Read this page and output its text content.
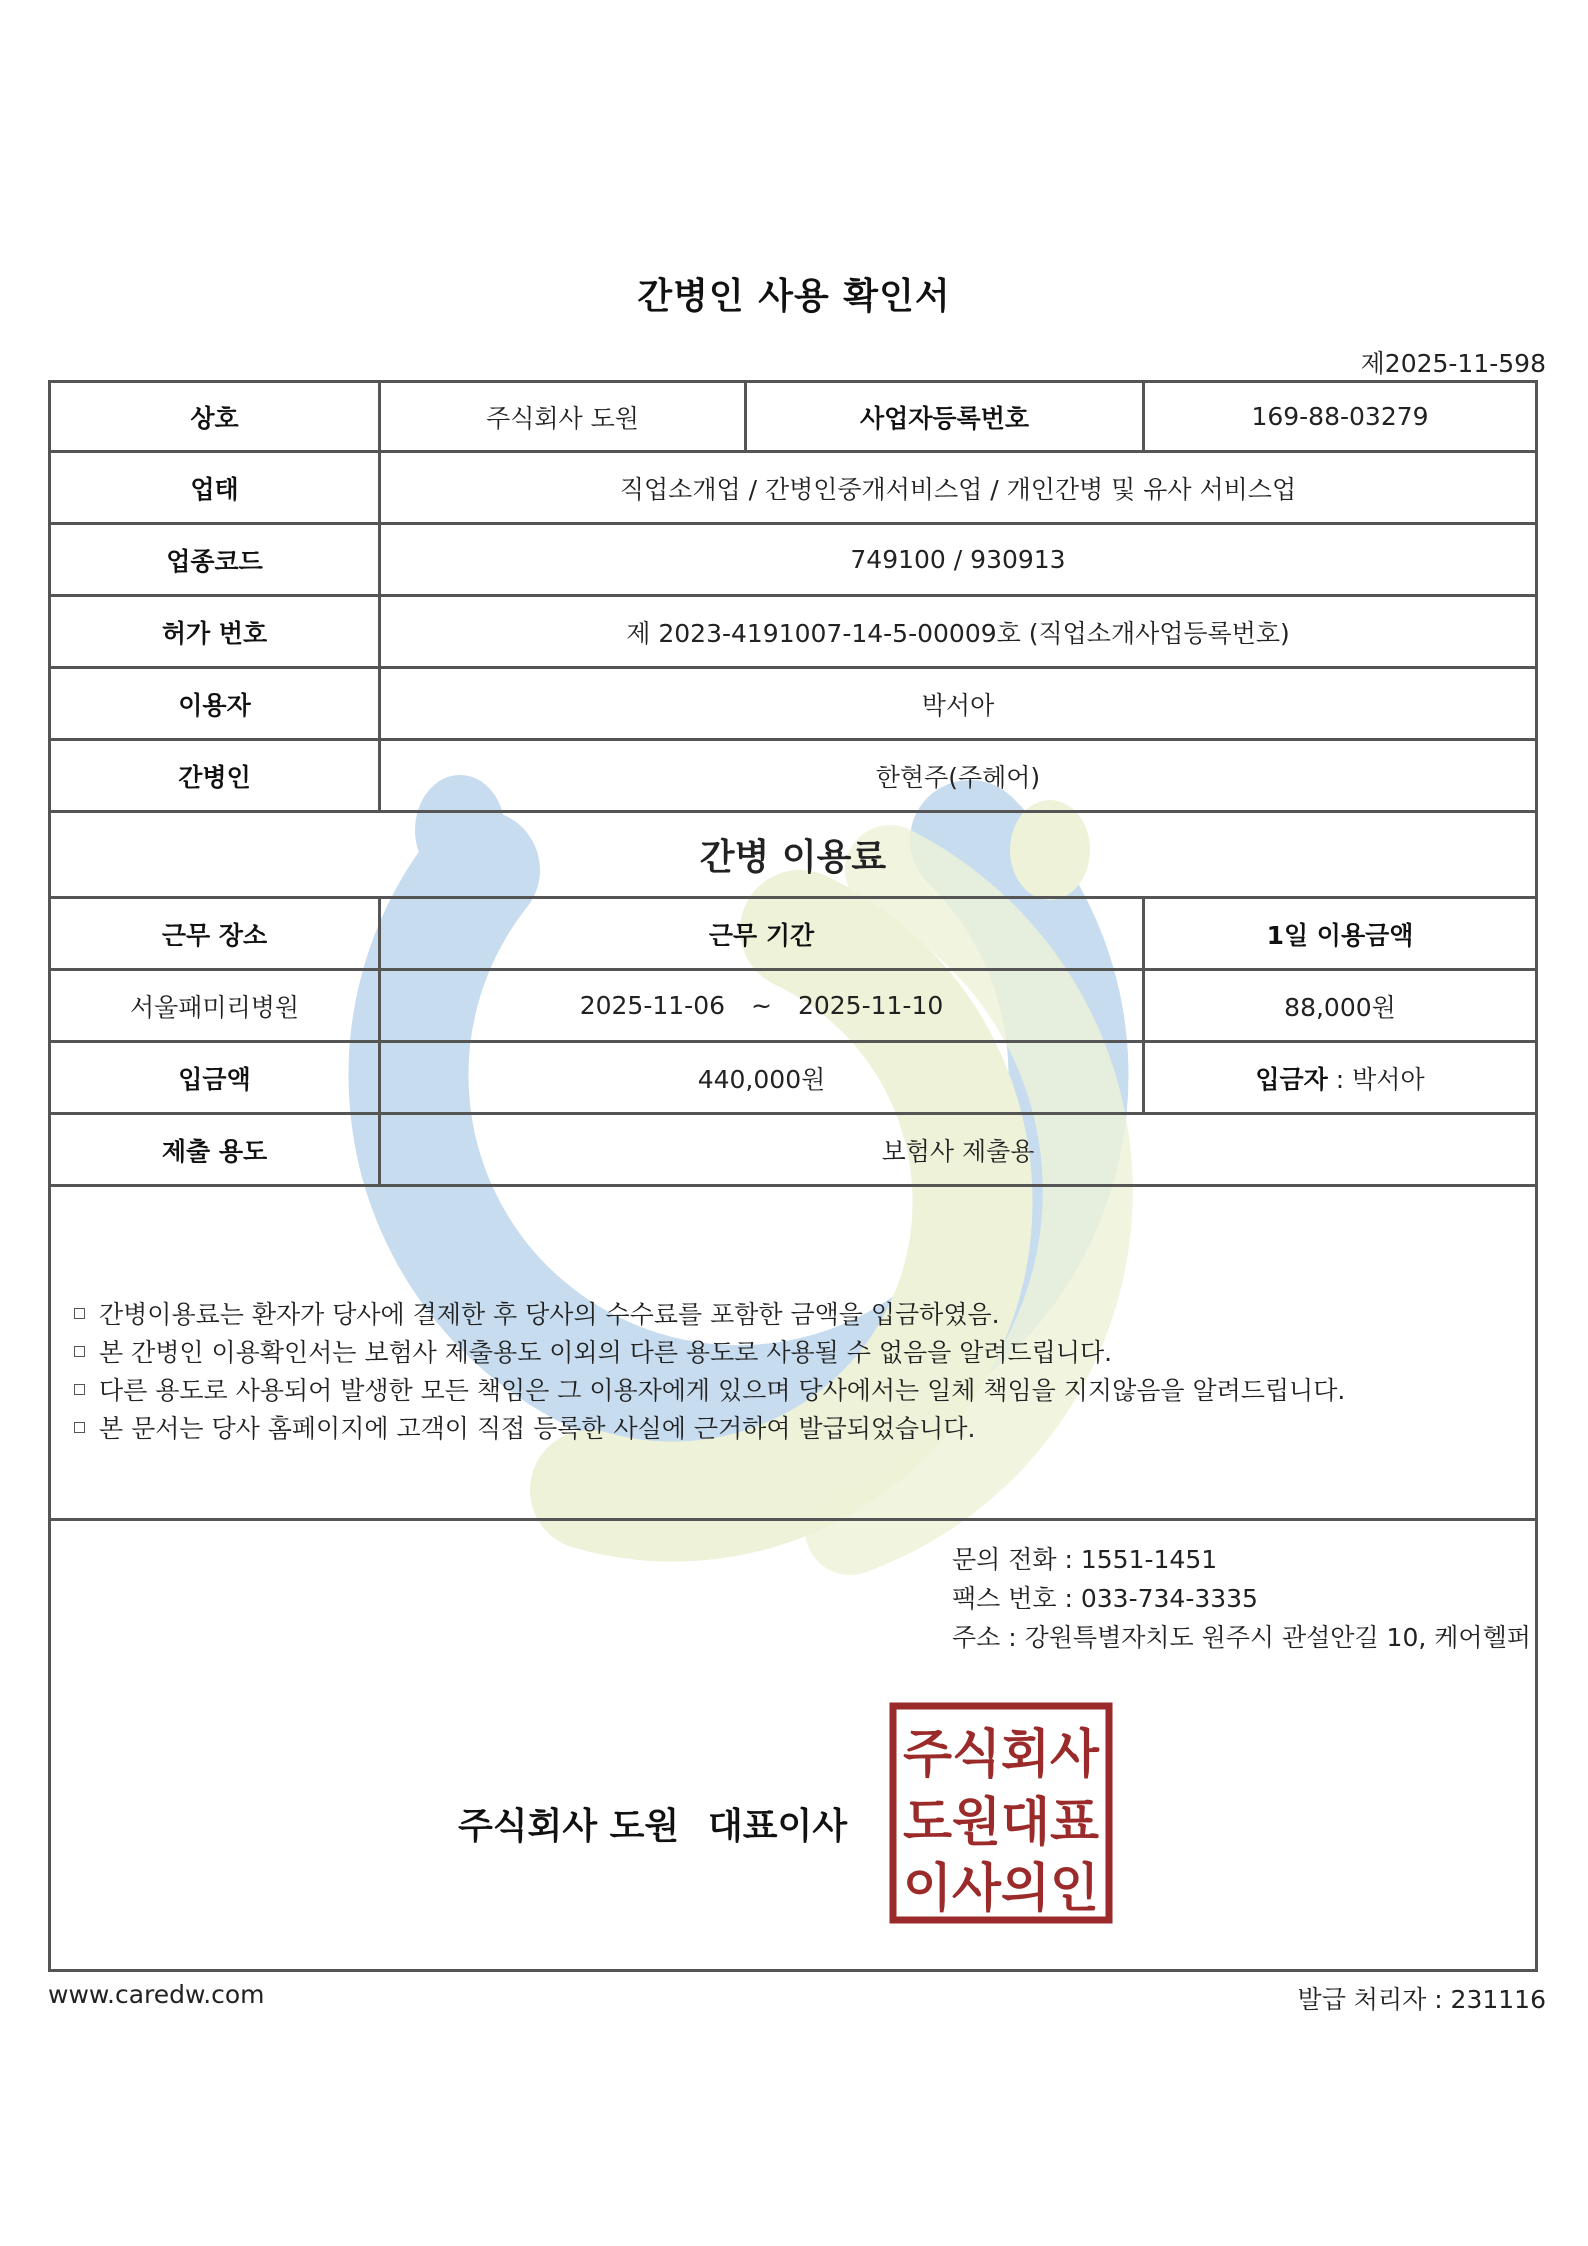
간병인 사용 확인서
제2025-11-598
상호	주식회사 도원	사업자등록번호	169-88-03279
업태	직업소개업 / 간병인중개서비스업 / 개인간병 및 유사 서비스업
업종코드	749100 / 930913
허가 번호	제 2023-4191007-14-5-00009호 (직업소개사업등록번호)
이용자	박서아
간병인	한현주(주헤어)
간병 이용료
근무 장소	근무 기간	1일 이용금액
서울패미리병원	2025-11-06 ~ 2025-11-10	88,000원
입금액	440,000원	입금자 : 박서아
제출 용도	보험사 제출용
간병이용료는 환자가 당사에 결제한 후 당사의 수수료를 포함한 금액을 입금하였음.
본 간병인 이용확인서는 보험사 제출용도 이외의 다른 용도로 사용될 수 없음을 알려드립니다.
다른 용도로 사용되어 발생한 모든 책임은 그 이용자에게 있으며 당사에서는 일체 책임을 지지않음을 알려드립니다.
본 문서는 당사 홈페이지에 고객이 직접 등록한 사실에 근거하여 발급되었습니다.
문의 전화 : 1551-1451
팩스 번호 : 033-734-3335
주소 : 강원특별자치도 원주시 관설안길 10, 케어헬퍼
주식회사 도원 대표이사
주식회사
도원대표
이사의인
www.caredw.com	발급 처리자 : 231116
